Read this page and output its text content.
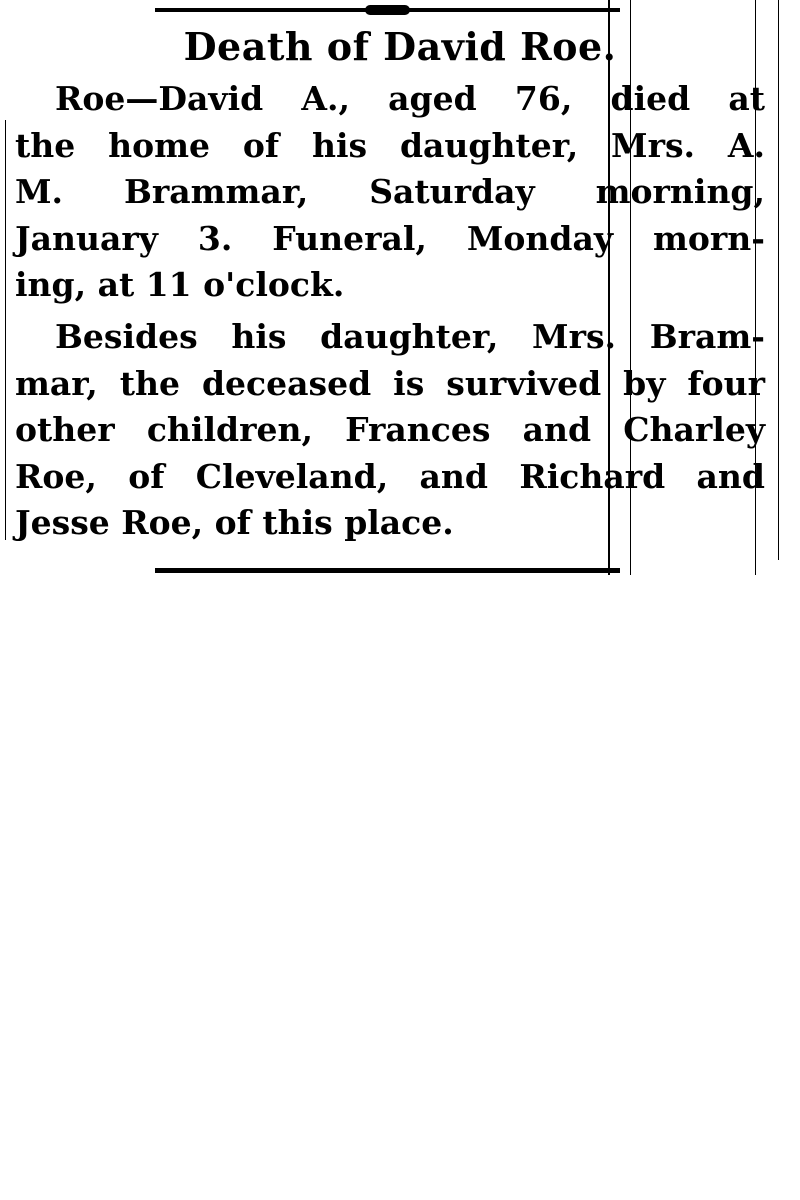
Death of David Roe.
Roe—David A., aged 76, died at
the home of his daughter, Mrs. A.
M. Brammar, Saturday morning,
January 3. Funeral, Monday morn-
ing, at 11 o'clock.
Besides his daughter, Mrs. Bram-
mar, the deceased is survived by four
other children, Frances and Charley
Roe, of Cleveland, and Richard and
Jesse Roe, of this place.
